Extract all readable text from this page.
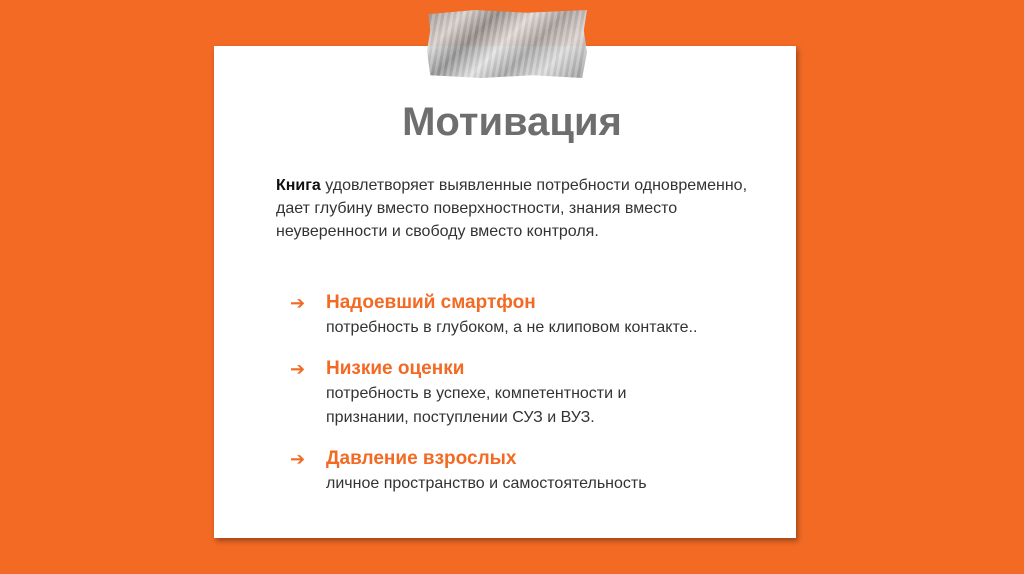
Мотивация
Книга удовлетворяет выявленные потребности одновременно, дает глубину вместо поверхностности, знания вместо неуверенности и свободу вместо контроля.
➔ Надоевший смартфон
потребность в глубоком, а не клиповом контакте..
➔ Низкие оценки
потребность в успехе, компетентности и
признании, поступлении СУЗ и ВУЗ.
➔ Давление взрослых
личное пространство и самостоятельность
